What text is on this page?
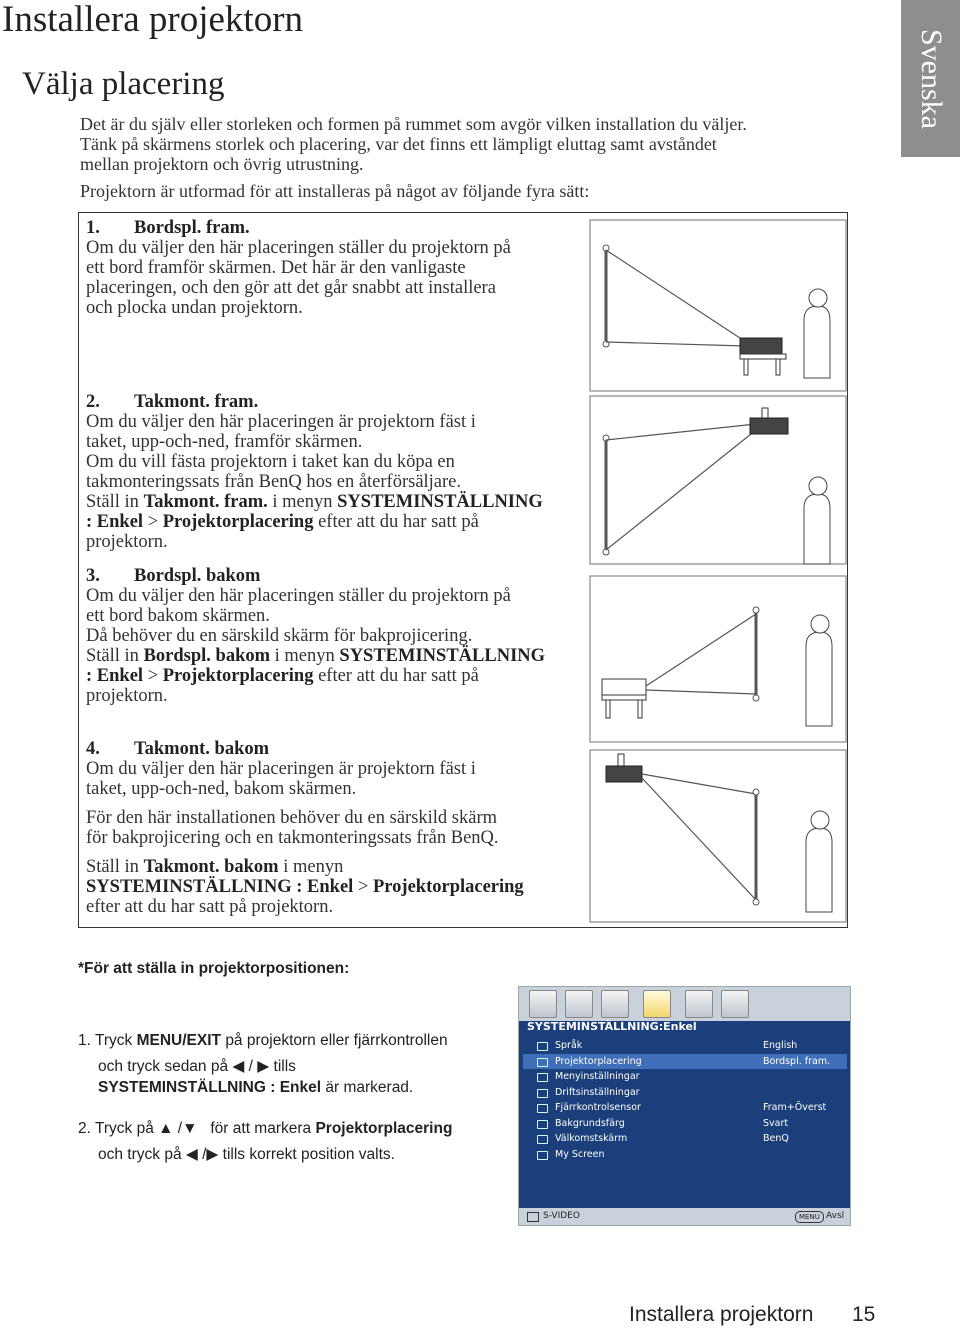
Installera projektorn
Välja placering	Svenska
Det är du själv eller storleken och formen på rummet som avgör vilken installation du väljer.
Tänk på skärmens storlek och placering, var det finns ett lämpligt eluttag samt avståndet
mellan projektorn och övrig utrustning.
Projektorn är utformad för att installeras på något av följande fyra sätt:

1. Bordspl. fram.

Om du väljer den här placeringen ställer du projektorn på

ett bord framför skärmen. Det här är den vanligaste

placeringen, och den gör att det går snabbt att installera

och plocka undan projektorn.

2. Takmont. fram.

Om du väljer den här placeringen är projektorn fäst i

taket, upp-och-ned, framför skärmen.

Om du vill fästa projektorn i taket kan du köpa en

takmonteringssats från BenQ hos en återförsäljare.

Ställ in Takmont. fram. i menyn SYSTEMINSTÄLLNING

: Enkel > Projektorplacering efter att du har satt på

projektorn.

3. Bordspl. bakom

Om du väljer den här placeringen ställer du projektorn på

ett bord bakom skärmen.

Då behöver du en särskild skärm för bakprojicering.

Ställ in Bordspl. bakom i menyn SYSTEMINSTÄLLNING

: Enkel > Projektorplacering efter att du har satt på

projektorn.

4. Takmont. bakom

Om du väljer den här placeringen är projektorn fäst i

taket, upp-och-ned, bakom skärmen.

För den här installationen behöver du en särskild skärm

för bakprojicering och en takmonteringssats från BenQ.

Ställ in Takmont. bakom i menyn

SYSTEMINSTÄLLNING : Enkel > Projektorplacering

efter att du har satt på projektorn.

*För att ställa in projektorpositionen:
1. Tryck MENU/EXIT på projektorn eller fjärrkontrollen
och tryck sedan på ◀ / ▶ tills
SYSTEMINSTÄLLNING : Enkel är markerad.
2. Tryck på ▲ /▼ för att markera Projektorplacering
och tryck på ◀ /▶ tills korrekt position valts.
SYSTEMINSTÄLLNING:Enkel
Språk	English
Projektorplacering	Bordspl. fram.
Menyinställningar
Driftsinställningar
Fjärrkontrolsensor	Fram+Överst
Bakgrundsfärg	Svart
Välkomstskärm	BenQ
My Screen
S-VIDEO	MENU Avsl
Installera projektorn 15
